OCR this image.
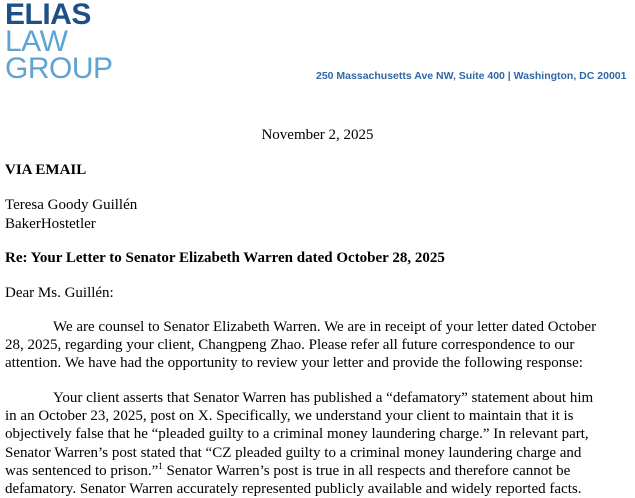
ELIAS
LAW
GROUP	250 Massachusetts Ave NW, Suite 400 | Washington, DC 20001
November 2, 2025
VIA EMAIL
Teresa Goody Guillén
BakerHostetler
Re: Your Letter to Senator Elizabeth Warren dated October 28, 2025
Dear Ms. Guillén:
We are counsel to Senator Elizabeth Warren. We are in receipt of your letter dated October
28, 2025, regarding your client, Changpeng Zhao. Please refer all future correspondence to our
attention. We have had the opportunity to review your letter and provide the following response:
Your client asserts that Senator Warren has published a “defamatory” statement about him
in an October 23, 2025, post on X. Specifically, we understand your client to maintain that it is
objectively false that he “pleaded guilty to a criminal money laundering charge.” In relevant part,
Senator Warren’s post stated that “CZ pleaded guilty to a criminal money laundering charge and
was sentenced to prison.”$^1$ Senator Warren’s post is true in all respects and therefore cannot be
defamatory. Senator Warren accurately represented publicly available and widely reported facts.
